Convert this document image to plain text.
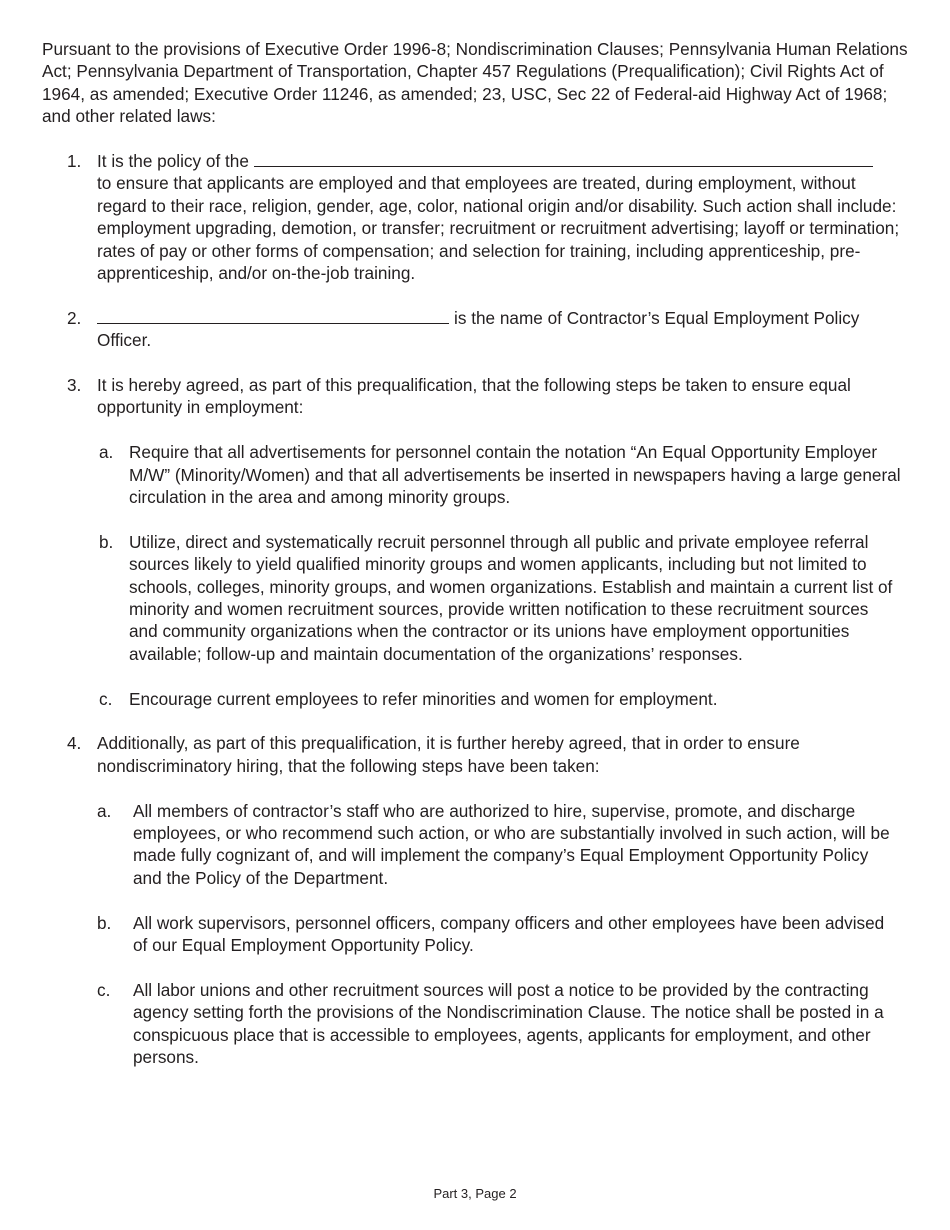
Pursuant to the provisions of Executive Order 1996-8; Nondiscrimination Clauses; Pennsylvania Human Relations Act; Pennsylvania Department of Transportation, Chapter 457 Regulations (Prequalification); Civil Rights Act of 1964, as amended; Executive Order 11246, as amended; 23, USC, Sec 22 of Federal-aid Highway Act of 1968; and other related laws:

1. It is the policy of the
to ensure that applicants are employed and that employees are treated, during employment, without regard to their race, religion, gender, age, color, national origin and/or disability. Such action shall include: employment upgrading, demotion, or transfer; recruitment or recruitment advertising; layoff or termination; rates of pay or other forms of compensation; and selection for training, including apprenticeship, pre-apprenticeship, and/or on-the-job training.
2.	is the name of Contractor’s Equal Employment Policy Officer.
3. It is hereby agreed, as part of this prequalification, that the following steps be taken to ensure equal opportunity in employment:
a. Require that all advertisements for personnel contain the notation “An Equal Opportunity Employer M/W” (Minority/Women) and that all advertisements be inserted in newspapers having a large general circulation in the area and among minority groups.
b. Utilize, direct and systematically recruit personnel through all public and private employee referral sources likely to yield qualified minority groups and women applicants, including but not limited to schools, colleges, minority groups, and women organizations. Establish and maintain a current list of minority and women recruitment sources, provide written notification to these recruitment sources and community organizations when the contractor or its unions have employment opportunities available; follow-up and maintain documentation of the organizations’ responses.
c. Encourage current employees to refer minorities and women for employment.
4. Additionally, as part of this prequalification, it is further hereby agreed, that in order to ensure nondiscriminatory hiring, that the following steps have been taken:
a. All members of contractor’s staff who are authorized to hire, supervise, promote, and discharge employees, or who recommend such action, or who are substantially involved in such action, will be made fully cognizant of, and will implement the company’s Equal Employment Opportunity Policy and the Policy of the Department.
b. All work supervisors, personnel officers, company officers and other employees have been advised of our Equal Employment Opportunity Policy.
c. All labor unions and other recruitment sources will post a notice to be provided by the contracting agency setting forth the provisions of the Nondiscrimination Clause. The notice shall be posted in a conspicuous place that is accessible to employees, agents, applicants for employment, and other persons.
Part 3, Page 2
